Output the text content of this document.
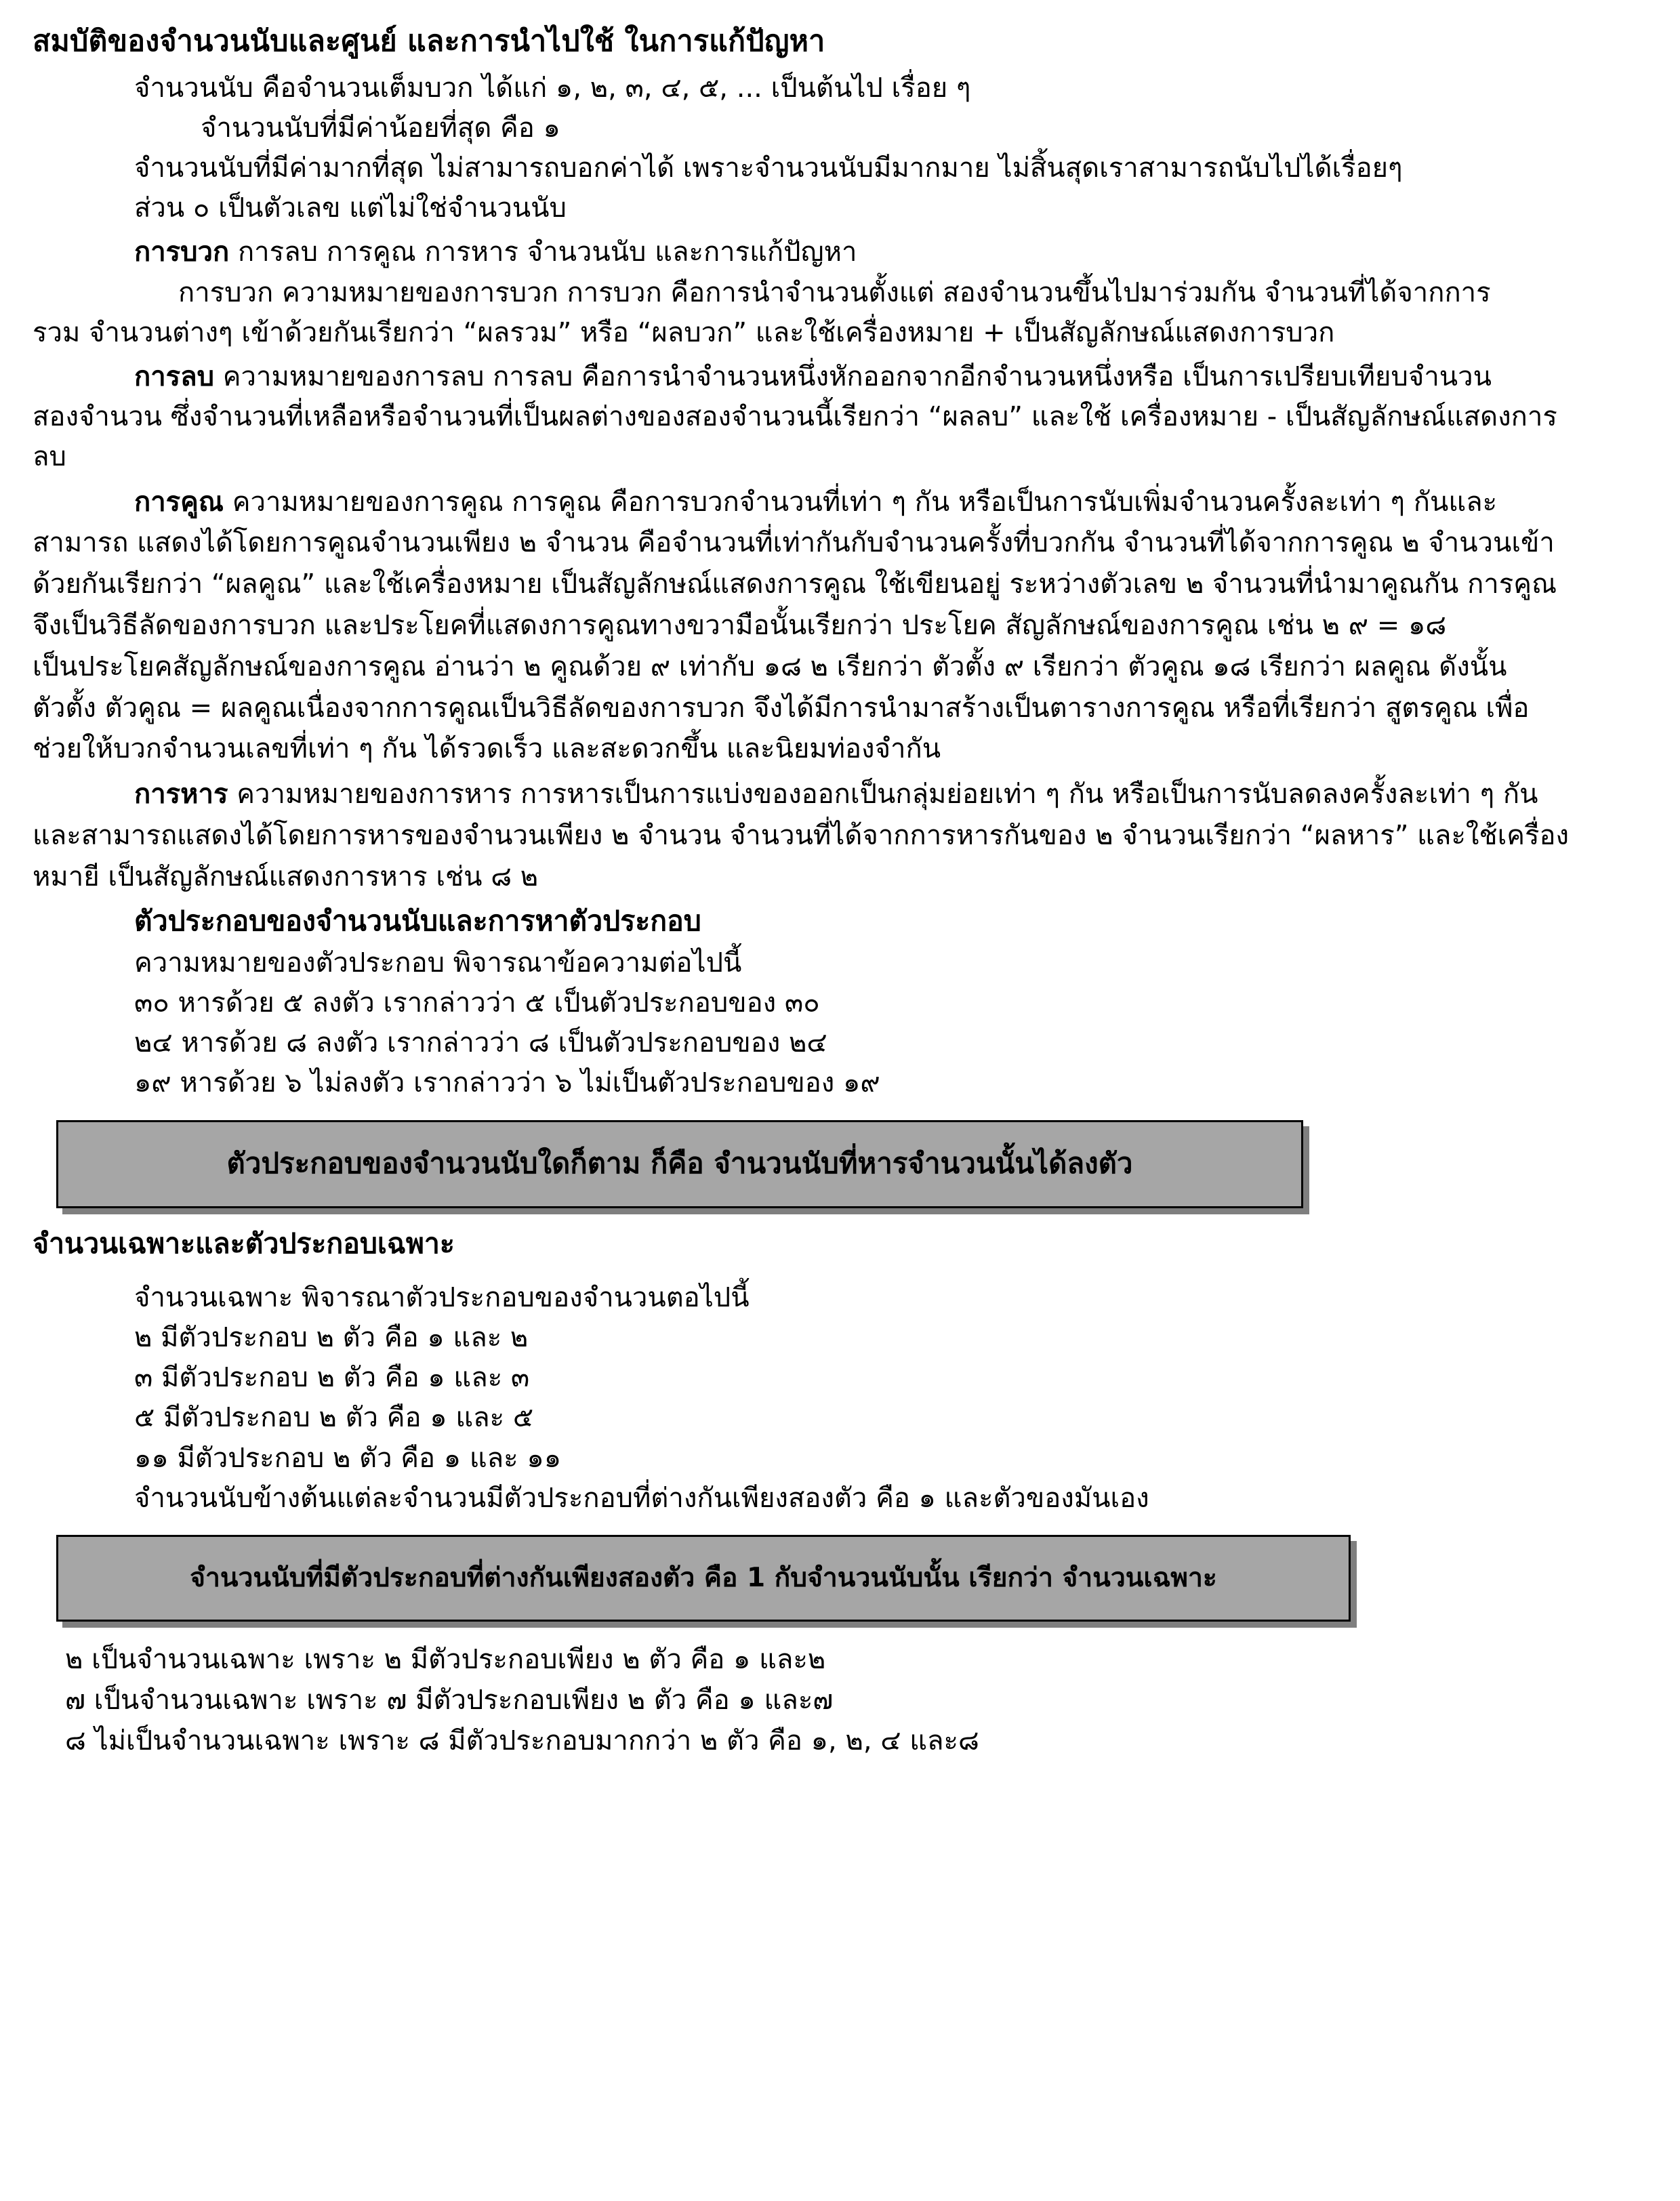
สมบัติของจำนวนนับและศูนย์ และการนำไปใช้ ในการแก้ปัญหา

จำนวนนับ คือจำนวนเต็มบวก ได้แก่ ๑, ๒, ๓, ๔, ๕, ... เป็นต้นไป เรื่อย ๆ

จำนวนนับที่มีค่าน้อยที่สุด คือ ๑

จำนวนนับที่มีค่ามากที่สุด ไม่สามารถบอกค่าได้ เพราะจำนวนนับมีมากมาย ไม่สิ้นสุดเราสามารถนับไปได้เรื่อยๆ

ส่วน ๐ เป็นตัวเลข แต่ไม่ใช่จำนวนนับ

การบวก การลบ การคูณ การหาร จำนวนนับ และการแก้ปัญหา

การบวก ความหมายของการบวก การบวก คือการนำจำนวนตั้งแต่ สองจำนวนขึ้นไปมาร่วมกัน จำนวนที่ได้จากการ

รวม จำนวนต่างๆ เข้าด้วยกันเรียกว่า “ผลรวม” หรือ “ผลบวก” และใช้เครื่องหมาย + เป็นสัญลักษณ์แสดงการบวก

การลบ ความหมายของการลบ การลบ คือการนำจำนวนหนึ่งหักออกจากอีกจำนวนหนึ่งหรือ เป็นการเปรียบเทียบจำนวน

สองจำนวน ซึ่งจำนวนที่เหลือหรือจำนวนที่เป็นผลต่างของสองจำนวนนี้เรียกว่า “ผลลบ” และใช้ เครื่องหมาย - เป็นสัญลักษณ์แสดงการ

ลบ

การคูณ ความหมายของการคูณ การคูณ คือการบวกจำนวนที่เท่า ๆ กัน หรือเป็นการนับเพิ่มจำนวนครั้งละเท่า ๆ กันและ

สามารถ แสดงได้โดยการคูณจำนวนเพียง ๒ จำนวน คือจำนวนที่เท่ากันกับจำนวนครั้งที่บวกกัน จำนวนที่ได้จากการคูณ ๒ จำนวนเข้า

ด้วยกันเรียกว่า “ผลคูณ” และใช้เครื่องหมาย เป็นสัญลักษณ์แสดงการคูณ ใช้เขียนอยู่ ระหว่างตัวเลข ๒ จำนวนที่นำมาคูณกัน การคูณ

จึงเป็นวิธีลัดของการบวก และประโยคที่แสดงการคูณทางขวามือนั้นเรียกว่า ประโยค สัญลักษณ์ของการคูณ เช่น ๒ ๙ = ๑๘

เป็นประโยคสัญลักษณ์ของการคูณ อ่านว่า ๒ คูณด้วย ๙ เท่ากับ ๑๘ ๒ เรียกว่า ตัวตั้ง ๙ เรียกว่า ตัวคูณ ๑๘ เรียกว่า ผลคูณ ดังนั้น

ตัวตั้ง ตัวคูณ = ผลคูณเนื่องจากการคูณเป็นวิธีลัดของการบวก จึงได้มีการนำมาสร้างเป็นตารางการคูณ หรือที่เรียกว่า สูตรคูณ เพื่อ

ช่วยให้บวกจำนวนเลขที่เท่า ๆ กัน ได้รวดเร็ว และสะดวกขึ้น และนิยมท่องจำกัน

การหาร ความหมายของการหาร การหารเป็นการแบ่งของออกเป็นกลุ่มย่อยเท่า ๆ กัน หรือเป็นการนับลดลงครั้งละเท่า ๆ กัน

และสามารถแสดงได้โดยการหารของจำนวนเพียง ๒ จำนวน จำนวนที่ได้จากการหารกันของ ๒ จำนวนเรียกว่า “ผลหาร” และใช้เครื่อง

หมายี เป็นสัญลักษณ์แสดงการหาร เช่น ๘ ๒

ตัวประกอบของจำนวนนับและการหาตัวประกอบ

ความหมายของตัวประกอบ พิจารณาข้อความต่อไปนี้

๓๐ หารด้วย ๕ ลงตัว เรากล่าวว่า ๕ เป็นตัวประกอบของ ๓๐

๒๔ หารด้วย ๘ ลงตัว เรากล่าวว่า ๘ เป็นตัวประกอบของ ๒๔

๑๙ หารด้วย ๖ ไม่ลงตัว เรากล่าวว่า ๖ ไม่เป็นตัวประกอบของ ๑๙

ตัวประกอบของจำนวนนับใดก็ตาม ก็คือ จำนวนนับที่หารจำนวนนั้นได้ลงตัว

จำนวนเฉพาะและตัวประกอบเฉพาะ

จำนวนเฉพาะ พิจารณาตัวประกอบของจำนวนตอไปนี้

๒ มีตัวประกอบ ๒ ตัว คือ ๑ และ ๒

๓ มีตัวประกอบ ๒ ตัว คือ ๑ และ ๓

๕ มีตัวประกอบ ๒ ตัว คือ ๑ และ ๕

๑๑ มีตัวประกอบ ๒ ตัว คือ ๑ และ ๑๑

จำนวนนับข้างต้นแต่ละจำนวนมีตัวประกอบที่ต่างกันเพียงสองตัว คือ ๑ และตัวของมันเอง

จำนวนนับที่มีตัวประกอบที่ต่างกันเพียงสองตัว คือ 1 กับจำนวนนับนั้น เรียกว่า จำนวนเฉพาะ

๒ เป็นจำนวนเฉพาะ เพราะ ๒ มีตัวประกอบเพียง ๒ ตัว คือ ๑ และ๒

๗ เป็นจำนวนเฉพาะ เพราะ ๗ มีตัวประกอบเพียง ๒ ตัว คือ ๑ และ๗

๘ ไม่เป็นจำนวนเฉพาะ เพราะ ๘ มีตัวประกอบมากกว่า ๒ ตัว คือ ๑, ๒, ๔ และ๘
